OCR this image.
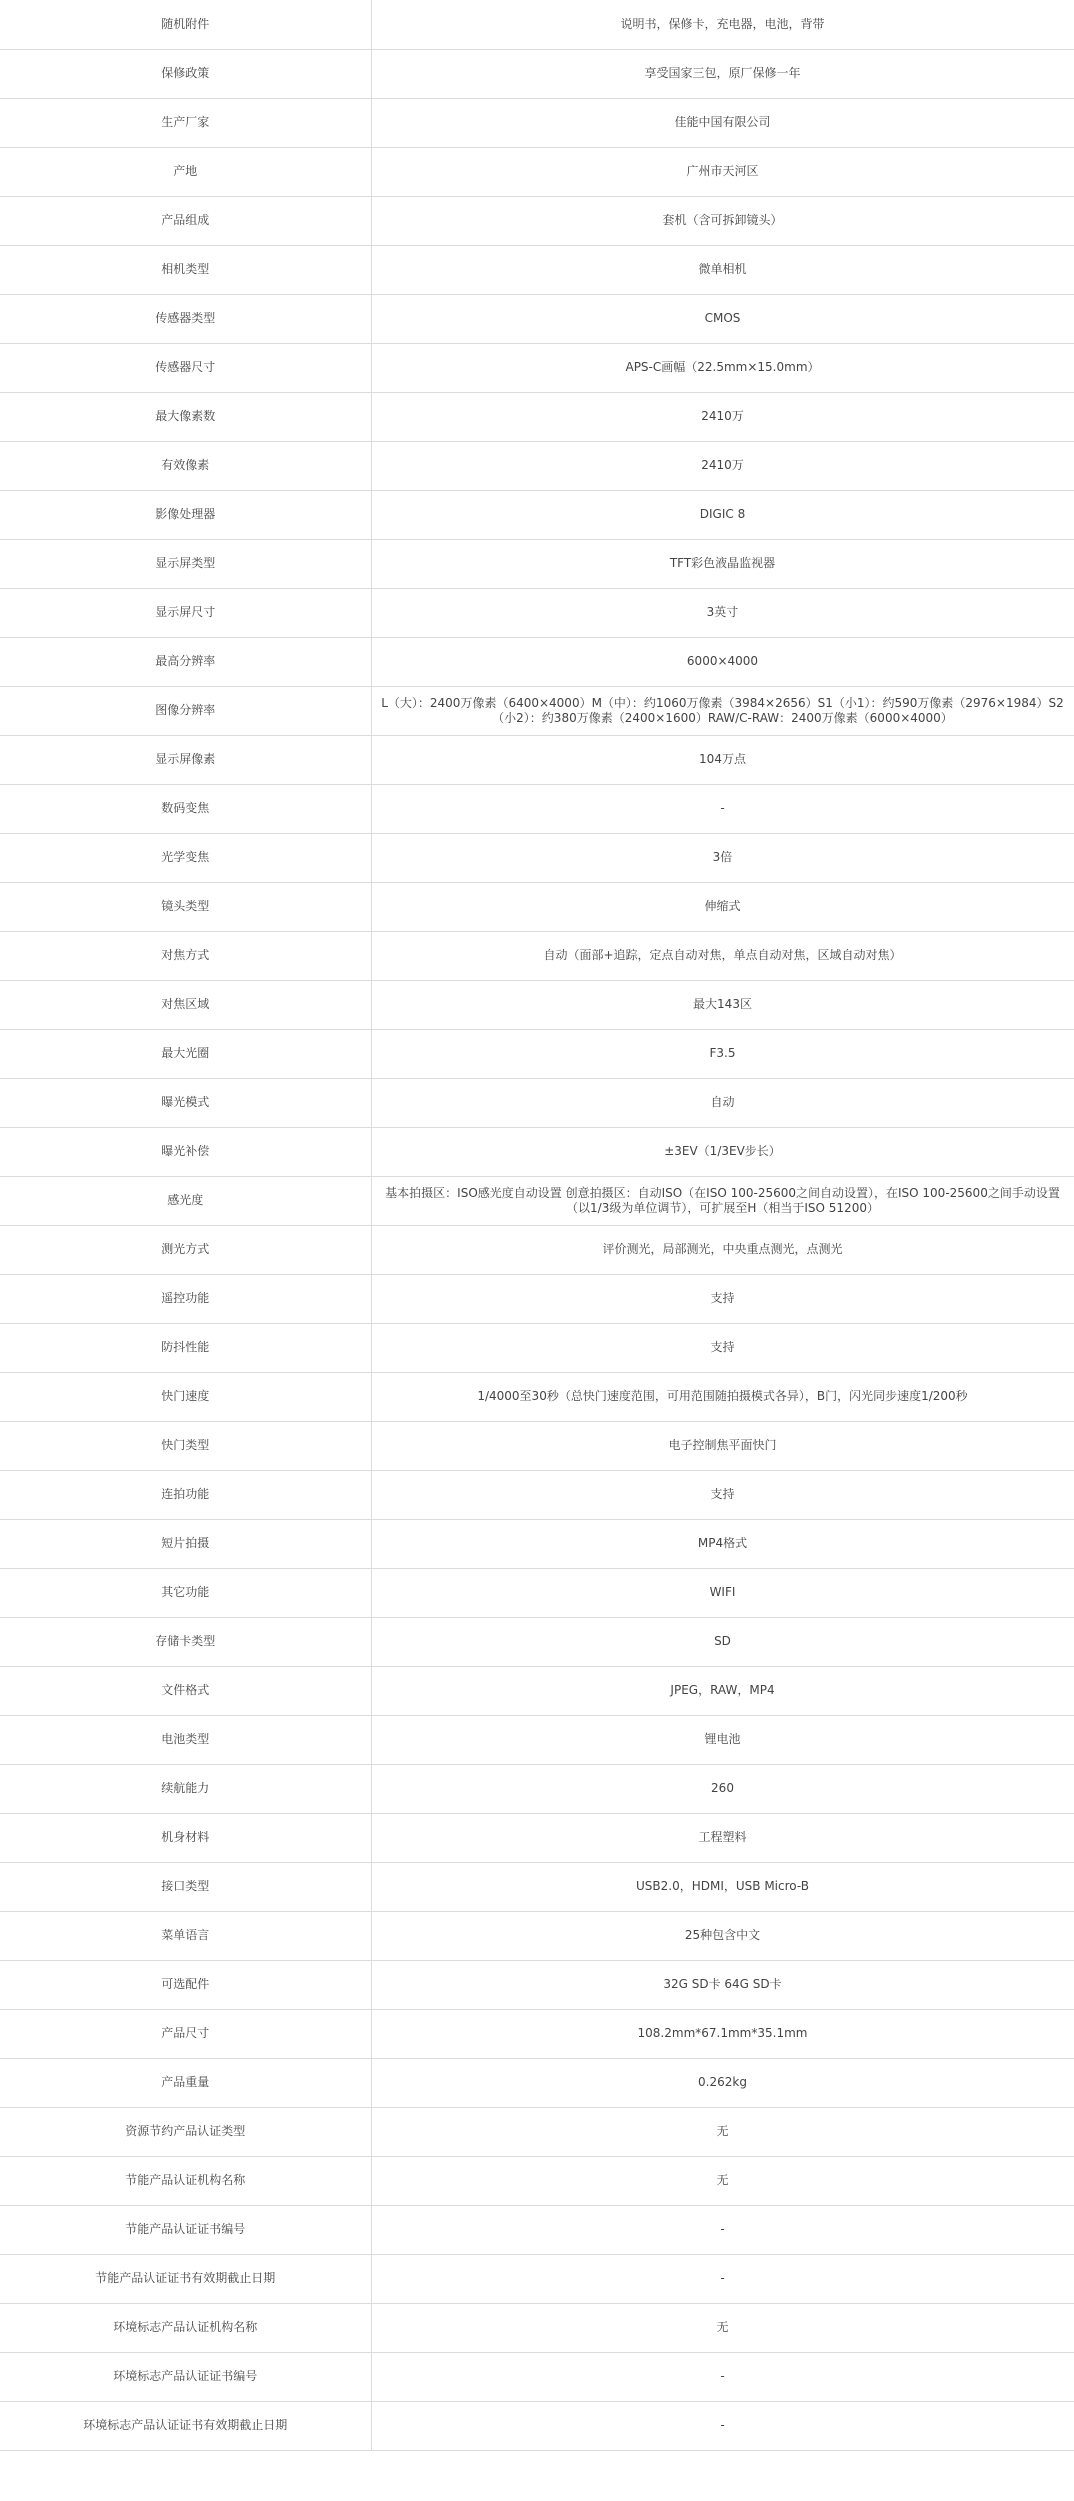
随机附件	说明书，保修卡，充电器，电池，背带
保修政策	享受国家三包，原厂保修一年
生产厂家	佳能中国有限公司
产地	广州市天河区
产品组成	套机（含可拆卸镜头）
相机类型	微单相机
传感器类型	CMOS
传感器尺寸	APS-C画幅（22.5mm×15.0mm）
最大像素数	2410万
有效像素	2410万
影像处理器	DIGIC 8
显示屏类型	TFT彩色液晶监视器
显示屏尺寸	3英寸
最高分辨率	6000×4000
图像分辨率	L（大）：2400万像素（6400×4000）M（中）：约1060万像素（3984×2656）S1（小1）：约590万像素（2976×1984）S2（小2）：约380万像素（2400×1600）RAW/C-RAW：2400万像素（6000×4000）
显示屏像素	104万点
数码变焦	-
光学变焦	3倍
镜头类型	伸缩式
对焦方式	自动（面部+追踪，定点自动对焦，单点自动对焦，区域自动对焦）
对焦区域	最大143区
最大光圈	F3.5
曝光模式	自动
曝光补偿	±3EV（1/3EV步长）
感光度	基本拍摄区：ISO感光度自动设置 创意拍摄区：自动ISO（在ISO 100-25600之间自动设置），在ISO 100-25600之间手动设置（以1/3级为单位调节），可扩展至H（相当于ISO 51200）
测光方式	评价测光，局部测光，中央重点测光，点测光
遥控功能	支持
防抖性能	支持
快门速度	1/4000至30秒（总快门速度范围，可用范围随拍摄模式各异），B门，闪光同步速度1/200秒
快门类型	电子控制焦平面快门
连拍功能	支持
短片拍摄	MP4格式
其它功能	WIFI
存储卡类型	SD
文件格式	JPEG，RAW，MP4
电池类型	锂电池
续航能力	260
机身材料	工程塑料
接口类型	USB2.0，HDMI，USB Micro-B
菜单语言	25种包含中文
可选配件	32G SD卡 64G SD卡
产品尺寸	108.2mm*67.1mm*35.1mm
产品重量	0.262kg
资源节约产品认证类型	无
节能产品认证机构名称	无
节能产品认证证书编号	-
节能产品认证证书有效期截止日期	-
环境标志产品认证机构名称	无
环境标志产品认证证书编号	-
环境标志产品认证证书有效期截止日期	-
